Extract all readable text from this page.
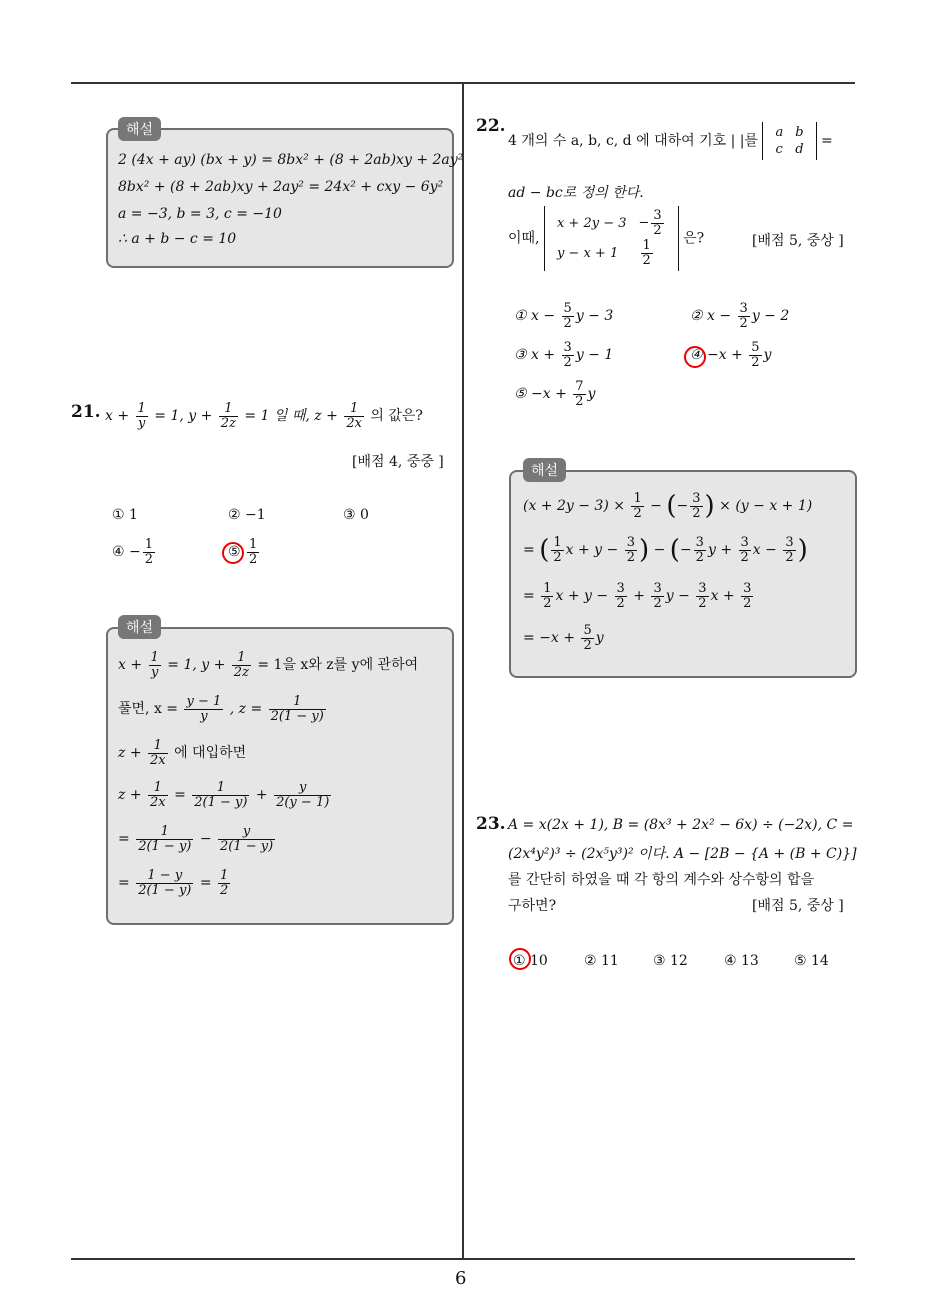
6
2 (4x + ay) (bx + y) = 8bx² + (8 + 2ab)xy + 2ay²
8bx² + (8 + 2ab)xy + 2ay² = 24x² + cxy − 6y²
a = −3, b = 3, c = −10
∴ a + b − c = 10
해설
21. $x + \frac{1}{y} = 1$, $y + \frac{1}{2z} = 1$ 일 때, $z + \frac{1}{2x}$ 의 값은?
[배점 4, 중중 ]
① 1	② −1	③ 0
④ − $\frac{1}{2}$	⑤ $\frac{1}{2}$
$x + \frac{1}{y} = 1$, $y + \frac{1}{2z} = 1$을 x와 z를 y에 관하여
풀면, $x = \frac{y - 1}{y}$ , $z = \frac{1}{2(1 - y)}$
$z + \frac{1}{2x}$ 에 대입하면
$z + \frac{1}{2x} = \frac{1}{2(1 - y)} + \frac{y}{2(y - 1)}$
= $\frac{1}{2(1 - y)} - \frac{y}{2(1 - y)}$
= $\frac{1 - y}{2(1 - y)} = \frac{1}{2}$
해설
22.
4 개의 수 a, b, c, d 에 대하여 기호 | |를
a	b
c	d
=
ad − bc로 정의 한다.
이때,
x + 2y − 3	− $\frac{3}{2}$

y − x + 1	$\frac{1}{2}$
은?	[배점 5, 중상 ]
① $x - \frac{5}{2}$ y − 3	② $x - \frac{3}{2}$ y − 2
③ $x + \frac{3}{2}$ y − 1	④ $-x + \frac{5}{2}$ y
⑤ $-x + \frac{7}{2}$ y
$(x + 2y - 3) \times \frac{1}{2}$ − (− $\frac{3}{2}$ ) × (y − x + 1)
= ( $\frac{1}{2}$ $x + y - \frac{3}{2}$ ) − (− $\frac{3}{2}$ $y + \frac{3}{2}$ $x - \frac{3}{2}$ )
= $\frac{1}{2}$ $x + y - \frac{3}{2} + \frac{3}{2}$ $y - \frac{3}{2}$ $x + \frac{3}{2}$
= $-x + \frac{5}{2}$ y
해설
23. A = x(2x + 1), B = (8x³ + 2x² − 6x) ÷ (−2x), C =
(2x⁴y²)³ ÷ (2x⁵y³)² 이다. A − [2B − {A + (B + C)}]
를 간단히 하였을 때 각 항의 계수와 상수항의 합을
구하면?	[배점 5, 중상 ]
① 10	② 11 ③ 12	④ 13	⑤ 14
